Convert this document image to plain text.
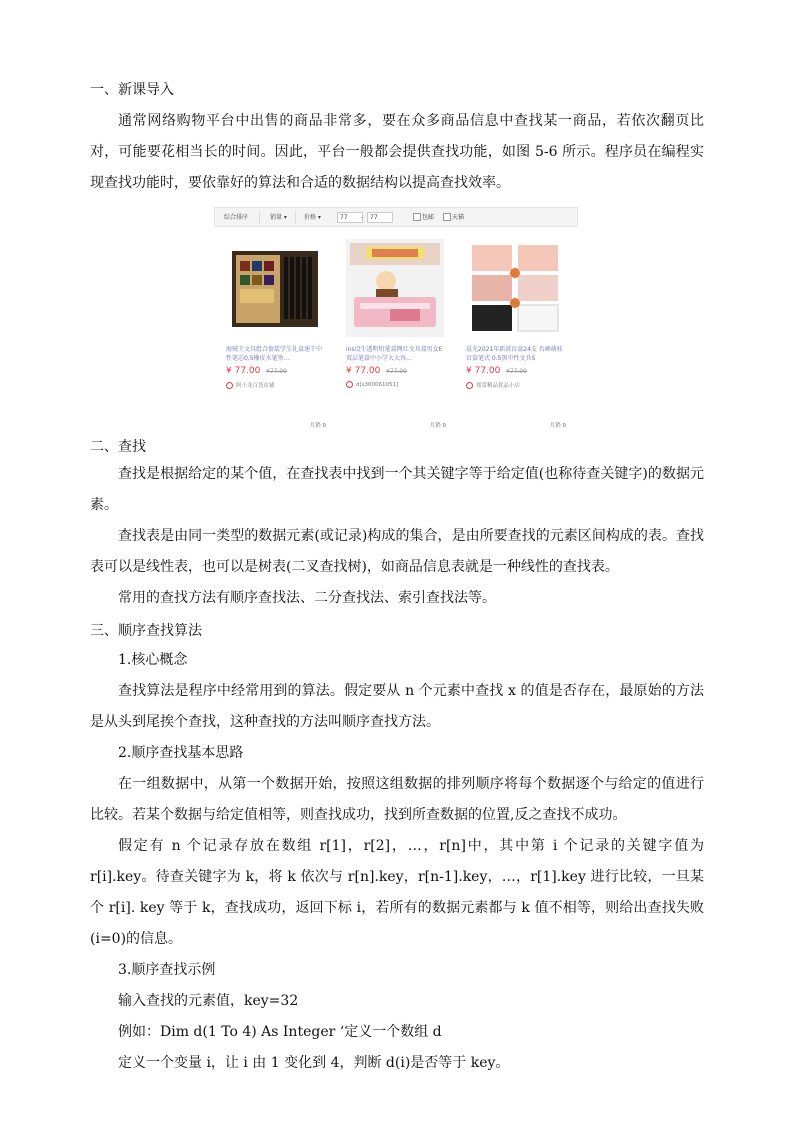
一、新课导入

通常网络购物平台中出售的商品非常多，要在众多商品信息中查找某一商品，若依次翻页比对，可能要花相当长的时间。因此，平台一般都会提供查找功能，如图 5-6 所示。程序员在编程实现查找功能时，要依靠好的算法和合适的数据结构以提高查找效率。

综合排序	销量 ▾	价格 ▾	77	-	77	包邮	天猫
海贼王文具组合套装学生礼盒速干中性笔芯0.5橡皮水笔签...
¥ 77.00 ¥77.00
阿小龙百货店铺
月销 0
ins设生透明铅笔盒网红文具盒男女E双层笔盒中小学大大容...
¥ 77.00 ¥77.00
d[s300061051]
月销 0
晨光2021年新款盲盒24支 否画萌娃 盲盒笔式 0.5黑中性文具S
¥ 77.00 ¥77.00
郑蕾精品优品小店
月销 0

二、查找

查找是根据给定的某个值，在查找表中找到一个其关键字等于给定值(也称待查关键字)的数据元素。

查找表是由同一类型的数据元素(或记录)构成的集合，是由所要查找的元素区间构成的表。查找表可以是线性表，也可以是树表(二叉查找树)，如商品信息表就是一种线性的查找表。

常用的查找方法有顺序查找法、二分查找法、索引查找法等。

三、顺序查找算法

1.核心概念

查找算法是程序中经常用到的算法。假定要从 n 个元素中查找 x 的值是否存在，最原始的方法是从头到尾挨个查找，这种查找的方法叫顺序查找方法。

2.顺序查找基本思路

在一组数据中，从第一个数据开始，按照这组数据的排列顺序将每个数据逐个与给定的值进行比较。若某个数据与给定值相等，则查找成功，找到所查数据的位置,反之查找不成功。

假定有 n 个记录存放在数组 r[1]，r[2]，…，r[n]中，其中第 i 个记录的关键字值为 r[i].key。待查关键字为 k，将 k 依次与 r[n].key，r[n-1].key，…，r[1].key 进行比较，一旦某个 r[i]. key 等于 k，查找成功，返回下标 i，若所有的数据元素都与 k 值不相等，则给出查找失败(i=0)的信息。

3.顺序查找示例

输入查找的元素值，key=32

例如：Dim d(1 To 4) As Integer ‘定义一个数组 d

定义一个变量 i，让 i 由 1 变化到 4，判断 d(i)是否等于 key。
